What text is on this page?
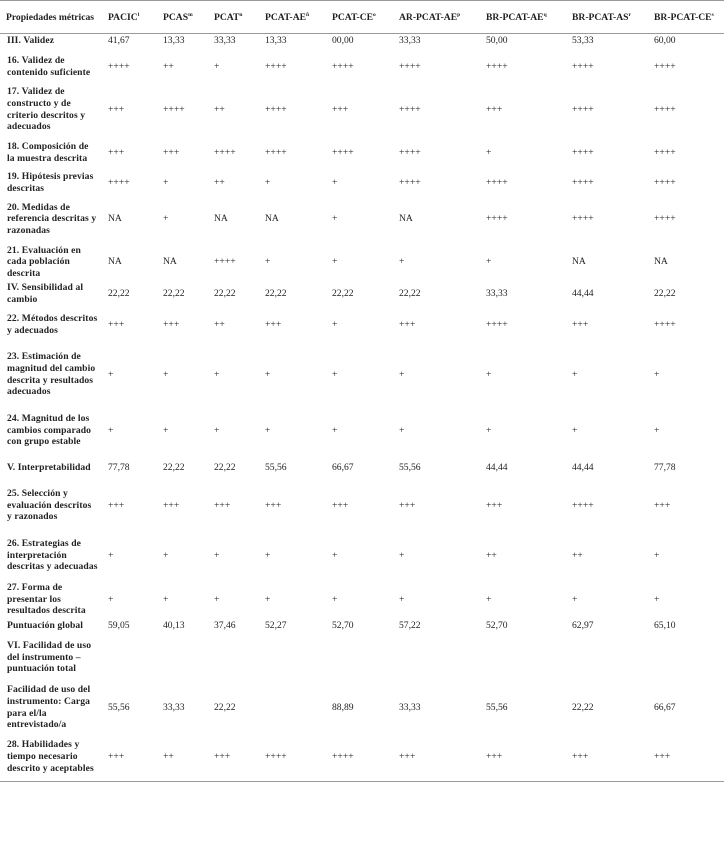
Propiedades métricas	PACIC$^l$	PCAS$^m$	PCAT$^n$	PCAT-$AE^ñ$	PCAT-$CE^o$	$AR-PCAT-AE^p$	$BR-PCAT-AE^q$	$BR-PCAT-AS^r$	$BR-PCAT-CE^s$
III. Validez	41,67	13,33	33,33	13,33	00,00	33,33	50,00	53,33	60,00
16. Validez de contenido suficiente	++++	++	+	++++	++++	++++	++++	++++	++++
17. Validez de constructo y de criterio descritos y adecuados	+++	++++	++	++++	+++	++++	+++	++++	++++
18. Composición de la muestra descrita	+++	+++	++++	++++	++++	++++	+	++++	++++
19. Hipótesis previas descritas	++++	+	++	+	+	++++	++++	++++	++++
20. Medidas de referencia descritas y razonadas	NA	+	NA	NA	+	NA	++++	++++	++++
21. Evaluación en cada población descrita	NA	NA	++++	+	+	+	+	NA	NA
IV. Sensibilidad al cambio	22,22	22,22	22,22	22,22	22,22	22,22	33,33	44,44	22,22
22. Métodos descritos y adecuados	+++	+++	++	+++	+	+++	++++	+++	++++
23. Estimación de magnitud del cambio descrita y resultados adecuados	+	+	+	+	+	+	+	+	+
24. Magnitud de los cambios comparado con grupo estable	+	+	+	+	+	+	+	+	+
V. Interpretabilidad	77,78	22,22	22,22	55,56	66,67	55,56	44,44	44,44	77,78
25. Selección y evaluación descritos y razonados	+++	+++	+++	+++	+++	+++	+++	++++	+++
26. Estrategias de interpretación descritas y adecuadas	+	+	+	+	+	+	++	++	+
27. Forma de presentar los resultados descrita	+	+	+	+	+	+	+	+	+
Puntuación global	59,05	40,13	37,46	52,27	52,70	57,22	52,70	62,97	65,10
VI. Facilidad de uso del instrumento – puntuación total									
Facilidad de uso del instrumento: Carga para el/la entrevistado/a	55,56	33,33	22,22		88,89	33,33	55,56	22,22	66,67
28. Habilidades y tiempo necesario descrito y aceptables	+++	++	+++	++++	++++	+++	+++	+++	+++
